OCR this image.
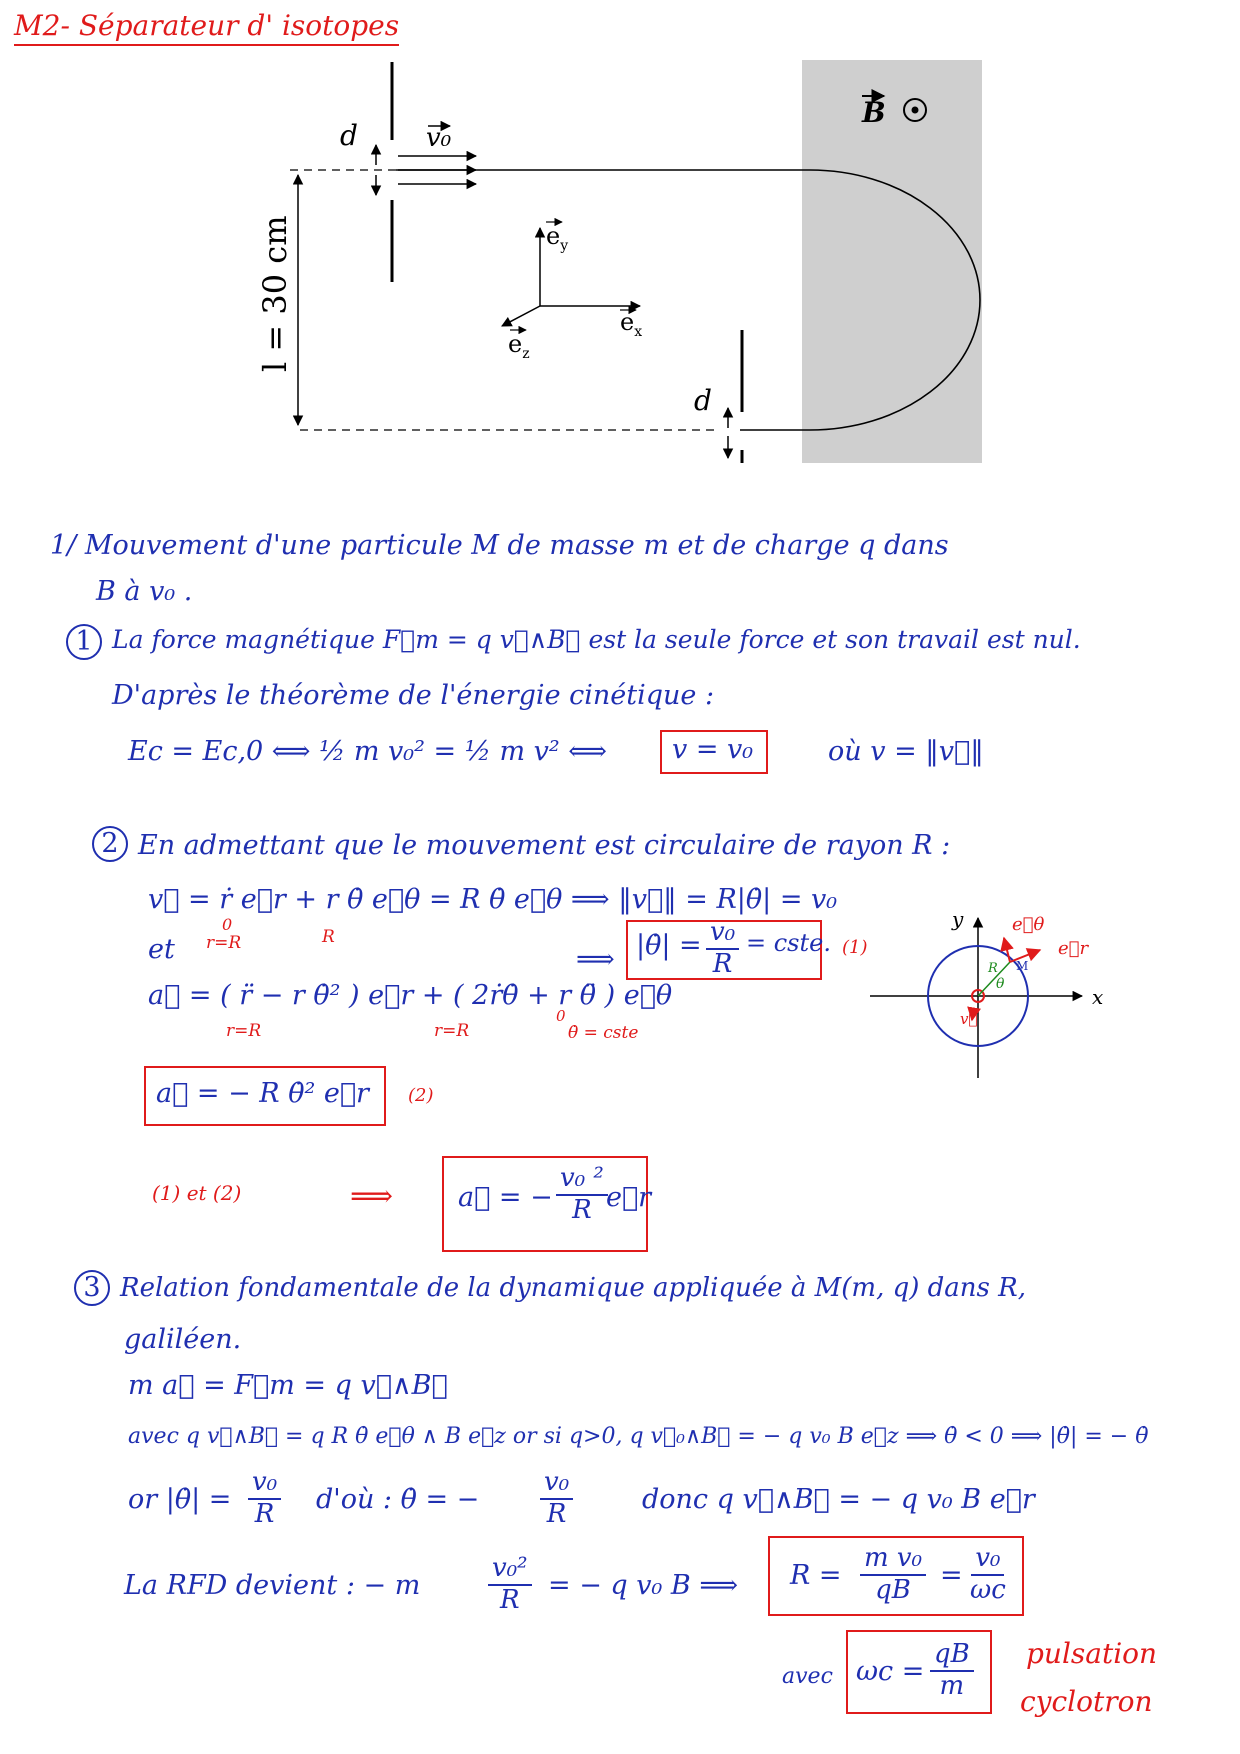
M2- Séparateur d' isotopes
B
d	v₀
l = 30 cm	$e_y$
$e_x$
$e_z$
d
1/ Mouvement d'une particule M de masse m et de charge q dans
B à v₀ .
1 La force magnétique F⃗m = q v⃗∧B⃗ est la seule force et son travail est nul.
D'après le théorème de l'énergie cinétique :
Ec = Ec,0 ⟺ ½ m v₀² = ½ m v² ⟺ v = v₀	où v = ‖v⃗‖
2 En admettant que le mouvement est circulaire de rayon R :
v⃗ = ṙ e⃗r + r θ̇ e⃗θ = R θ̇ e⃗θ ⟹ ‖v⃗‖ = R|θ̇| = v₀
0
et r=R	R
⟹ |θ̇| = $\frac{\text{v₀}}{R}$ = cste. (1)
a⃗ = ( r̈ − r θ̇² ) e⃗r + ( 2ṙθ̇ + r θ̈ ) e⃗θ
r=R	r=R
0
θ̇ = cste
a⃗ = − R θ̇² e⃗r (2)
(1) et (2)	⟹ a⃗ = − $\frac{\text{v₀ ²}}{R}$
e⃗r
x
y
e⃗r
e⃗θ
M
R
θ
v⃗
3 Relation fondamentale de la dynamique appliquée à M(m, q) dans R,
galiléen.
m a⃗ = F⃗m = q v⃗∧B⃗
avec q v⃗∧B⃗ = q R θ̇ e⃗θ ∧ B e⃗z or si q>0, q v⃗₀∧B⃗ = − q v₀ B e⃗z ⟹ θ̇ < 0 ⟹ |θ̇| = − θ̇
or |θ̇| = $\frac{\text{v₀}}{R}$ d'où : θ̇ = − $\frac{\text{v₀}}{R}$	donc q v⃗∧B⃗ = − q v₀ B e⃗r
La RFD devient : − m	$\frac{\text{v₀²}}{R}$ = − q v₀ B ⟹ $R = \frac{\text{m v₀}}{qB} = \frac{\text{v₀}}{\omega c}$
avec $\omega c = \frac{qB}{m}$ pulsation
cyclotron
